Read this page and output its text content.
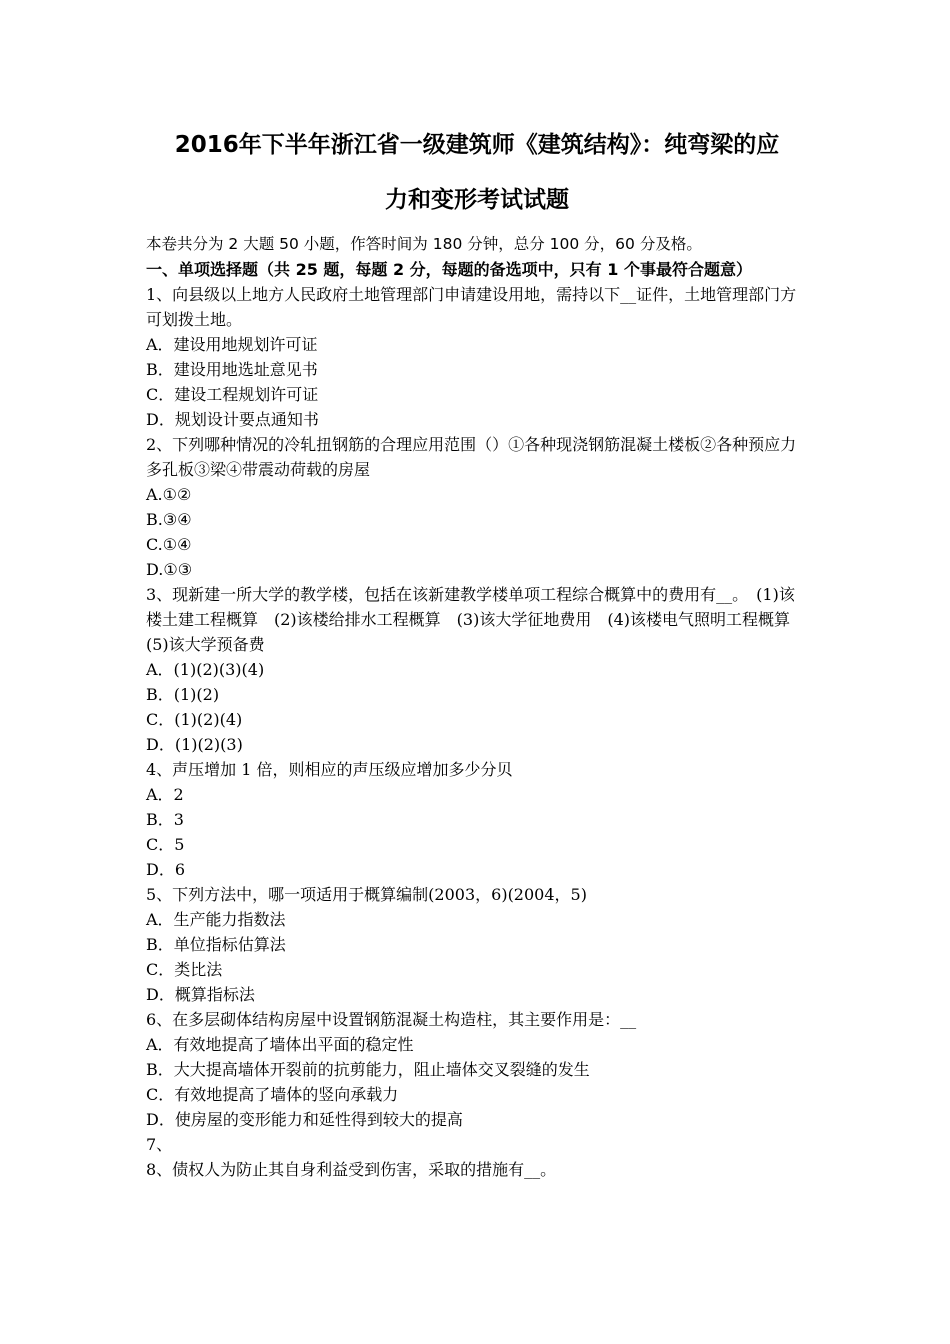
2016年下半年浙江省一级建筑师《建筑结构》：纯弯梁的应
力和变形考试试题
本卷共分为 2 大题 50 小题，作答时间为 180 分钟，总分 100 分，60 分及格。
一、单项选择题（共 25 题，每题 2 分，每题的备选项中，只有 1 个事最符合题意）
1、向县级以上地方人民政府土地管理部门申请建设用地，需持以下__证件，土地管理部门方可划拨土地。
A．建设用地规划许可证
B．建设用地选址意见书
C．建设工程规划许可证
D．规划设计要点通知书
2、下列哪种情况的冷轧扭钢筋的合理应用范围（）①各种现浇钢筋混凝土楼板②各种预应力多孔板③梁④带震动荷载的房屋
A.①②
B.③④
C.①④
D.①③
3、现新建一所大学的教学楼，包括在该新建教学楼单项工程综合概算中的费用有__。　(1)该楼土建工程概算　(2)该楼给排水工程概算　(3)该大学征地费用　(4)该楼电气照明工程概算　(5)该大学预备费
A．(1)(2)(3)(4)
B．(1)(2)
C．(1)(2)(4)
D．(1)(2)(3)
4、声压增加 1 倍，则相应的声压级应增加多少分贝
A．2
B．3
C．5
D．6
5、下列方法中，哪一项适用于概算编制(2003，6)(2004，5)
A．生产能力指数法
B．单位指标估算法
C．类比法
D．概算指标法
6、在多层砌体结构房屋中设置钢筋混凝土构造柱，其主要作用是：__
A．有效地提高了墙体出平面的稳定性
B．大大提高墙体开裂前的抗剪能力，阻止墙体交叉裂缝的发生
C．有效地提高了墙体的竖向承载力
D．使房屋的变形能力和延性得到较大的提高
7、
8、债权人为防止其自身利益受到伤害，采取的措施有__。
